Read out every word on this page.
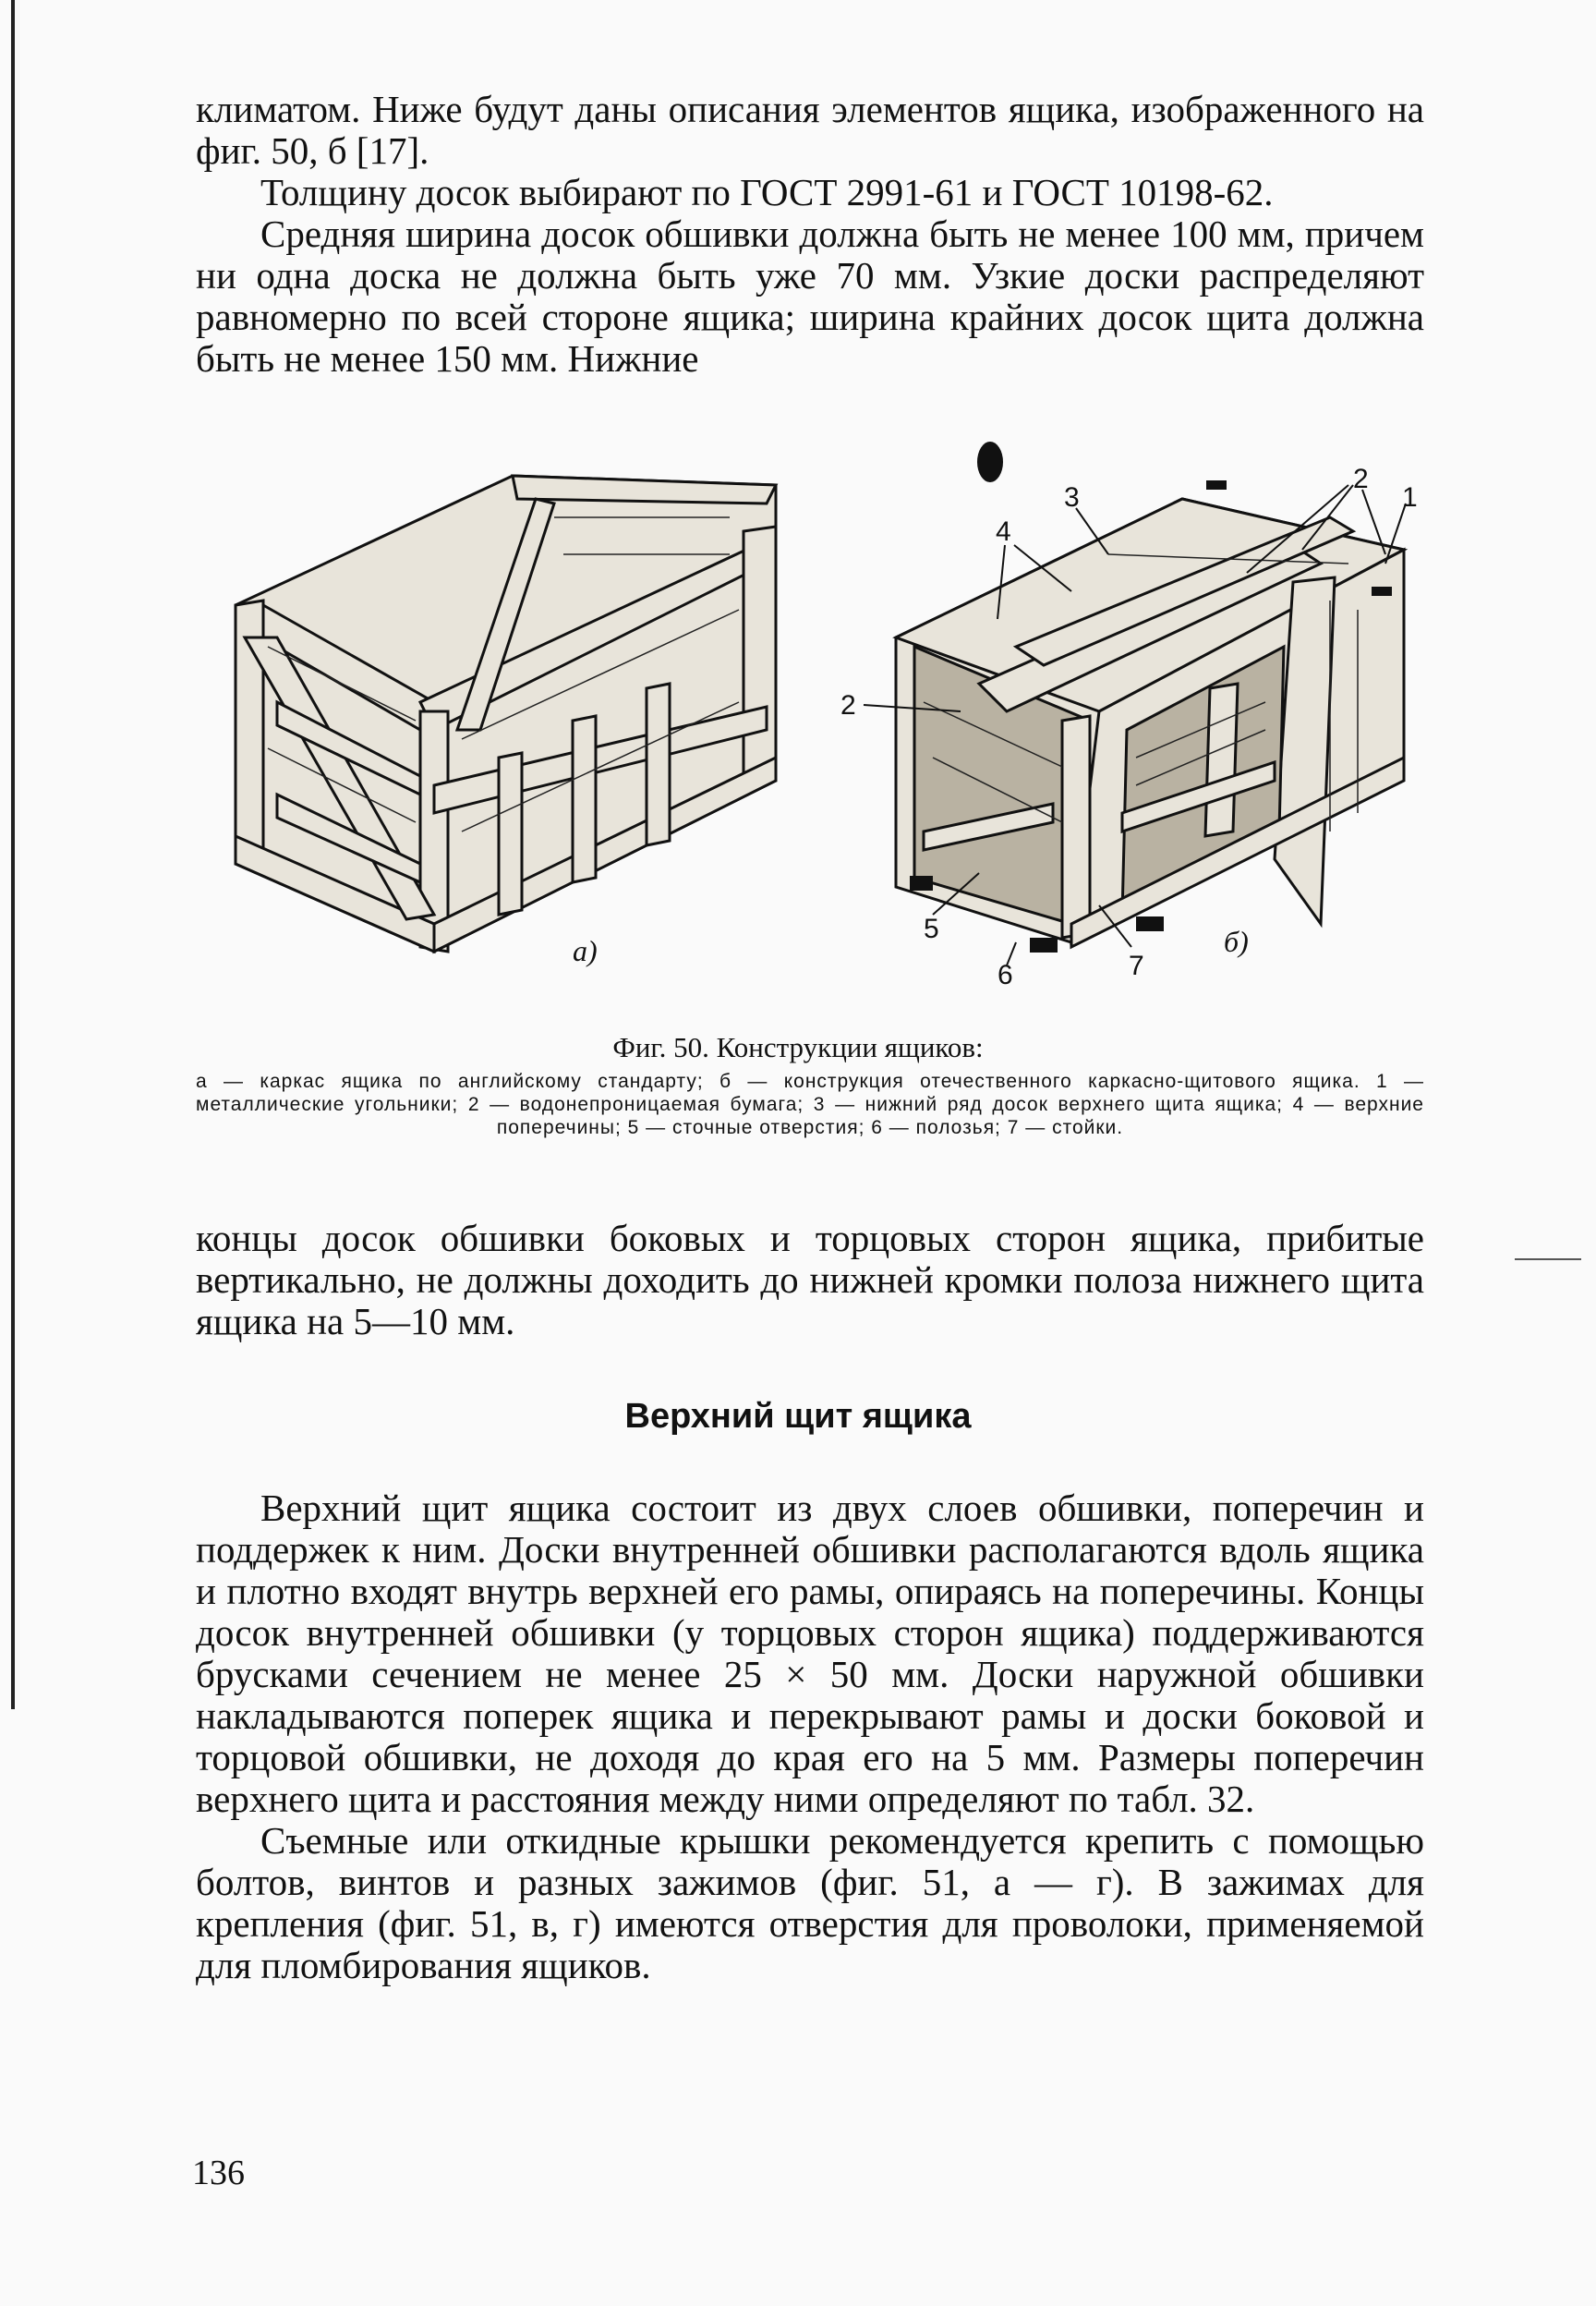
климатом. Ниже будут даны описания элементов ящика, изображенного на фиг. 50, б [17].

Толщину досок выбирают по ГОСТ 2991-61 и ГОСТ 10198-62.

Средняя ширина досок обшивки должна быть не менее 100 мм, причем ни одна доска не должна быть уже 70 мм. Узкие доски распределяют равномерно по всей стороне ящика; ширина крайних досок щита должна быть не менее 150 мм. Нижние

а)
2
1
3
4
2
5
6	7
б)
Фиг. 50. Конструкции ящиков:
а — каркас ящика по английскому стандарту; б — конструкция отечественного каркасно-щитового ящика. 1 — металлические угольники; 2 — водонепроницаемая бумага; 3 — нижний ряд досок верхнего щита ящика; 4 — верхние поперечины; 5 — сточные отверстия; 6 — полозья; 7 — стойки.

концы досок обшивки боковых и торцовых сторон ящика, прибитые вертикально, не должны доходить до нижней кромки полоза нижнего щита ящика на 5—10 мм.

Верхний щит ящика

Верхний щит ящика состоит из двух слоев обшивки, поперечин и поддержек к ним. Доски внутренней обшивки располагаются вдоль ящика и плотно входят внутрь верхней его рамы, опираясь на поперечины. Концы досок внутренней обшивки (у торцовых сторон ящика) поддерживаются брусками сечением не менее 25 × 50 мм. Доски наружной обшивки накладываются поперек ящика и перекрывают рамы и доски боковой и торцовой обшивки, не доходя до края его на 5 мм. Размеры поперечин верхнего щита и расстояния между ними определяют по табл. 32.

Съемные или откидные крышки рекомендуется крепить с помощью болтов, винтов и разных зажимов (фиг. 51, а — г). В зажимах для крепления (фиг. 51, в, г) имеются отверстия для проволоки, применяемой для пломбирования ящиков.

136
